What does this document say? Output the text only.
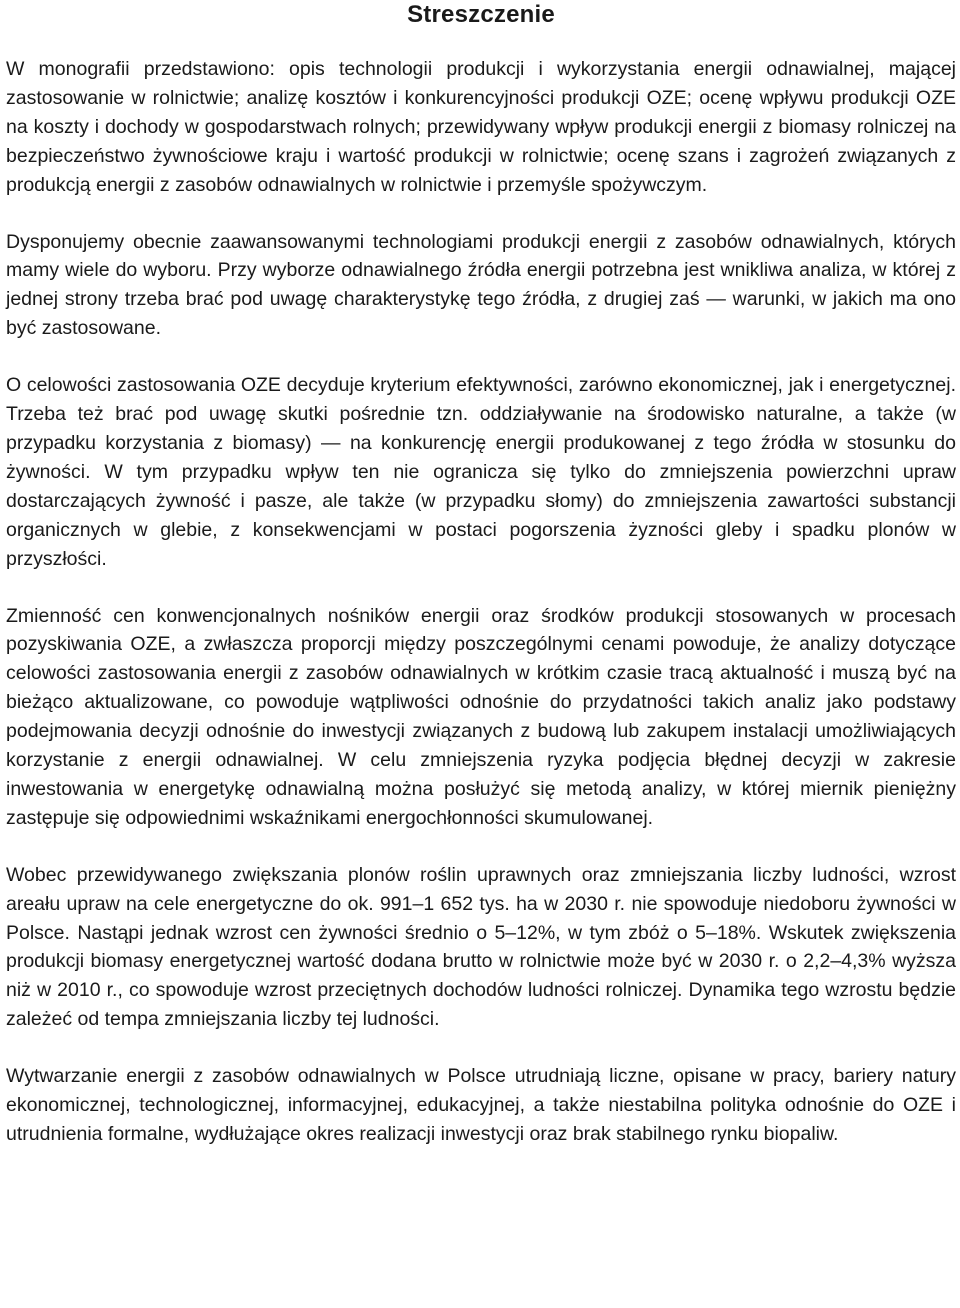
Streszczenie

W monografii przedstawiono: opis technologii produkcji i wykorzystania energii odnawialnej, mającej zastosowanie w rolnictwie; analizę kosztów i konkurencyjności produkcji OZE; ocenę wpływu produkcji OZE na koszty i dochody w gospodarstwach rolnych; przewidywany wpływ produkcji energii z biomasy rolniczej na bezpieczeństwo żywnościowe kraju i wartość produkcji w rolnictwie; ocenę szans i zagrożeń związanych z produkcją energii z zasobów odnawialnych w rolnictwie i przemyśle spożywczym.

Dysponujemy obecnie zaawansowanymi technologiami produkcji energii z zasobów odnawialnych, których mamy wiele do wyboru. Przy wyborze odnawialnego źródła energii potrzebna jest wnikliwa analiza, w której z jednej strony trzeba brać pod uwagę charakterystykę tego źródła, z drugiej zaś — warunki, w jakich ma ono być zastosowane.

O celowości zastosowania OZE decyduje kryterium efektywności, zarówno ekonomicznej, jak i energetycznej. Trzeba też brać pod uwagę skutki pośrednie tzn. oddziaływanie na środowisko naturalne, a także (w przypadku korzystania z biomasy) — na konkurencję energii produkowanej z tego źródła w stosunku do żywności. W tym przypadku wpływ ten nie ogranicza się tylko do zmniejszenia powierzchni upraw dostarczających żywność i pasze, ale także (w przypadku słomy) do zmniejszenia zawartości substancji organicznych w glebie, z konsekwencjami w postaci pogorszenia żyzności gleby i spadku plonów w przyszłości.

Zmienność cen konwencjonalnych nośników energii oraz środków produkcji stosowanych w procesach pozyskiwania OZE, a zwłaszcza proporcji między poszczególnymi cenami powoduje, że analizy dotyczące celowości zastosowania energii z zasobów odnawialnych w krótkim czasie tracą aktualność i muszą być na bieżąco aktualizowane, co powoduje wątpliwości odnośnie do przydatności takich analiz jako podstawy podejmowania decyzji odnośnie do inwestycji związanych z budową lub zakupem instalacji umożliwiających korzystanie z energii odnawialnej. W celu zmniejszenia ryzyka podjęcia błędnej decyzji w zakresie inwestowania w energetykę odnawialną można posłużyć się metodą analizy, w której miernik pieniężny zastępuje się odpowiednimi wskaźnikami energochłonności skumulowanej.

Wobec przewidywanego zwiększania plonów roślin uprawnych oraz zmniejszania liczby ludności, wzrost areału upraw na cele energetyczne do ok. 991–1 652 tys. ha w 2030 r. nie spowoduje niedoboru żywności w Polsce. Nastąpi jednak wzrost cen żywności średnio o 5–12%, w tym zbóż o 5–18%. Wskutek zwiększenia produkcji biomasy energetycznej wartość dodana brutto w rolnictwie może być w 2030 r. o 2,2–4,3% wyższa niż w 2010 r., co spowoduje wzrost przeciętnych dochodów ludności rolniczej. Dynamika tego wzrostu będzie zależeć od tempa zmniejszania liczby tej ludności.

Wytwarzanie energii z zasobów odnawialnych w Polsce utrudniają liczne, opisane w pracy, bariery natury ekonomicznej, technologicznej, informacyjnej, edukacyjnej, a także niestabilna polityka odnośnie do OZE i utrudnienia formalne, wydłużające okres realizacji inwestycji oraz brak stabilnego rynku biopaliw.
